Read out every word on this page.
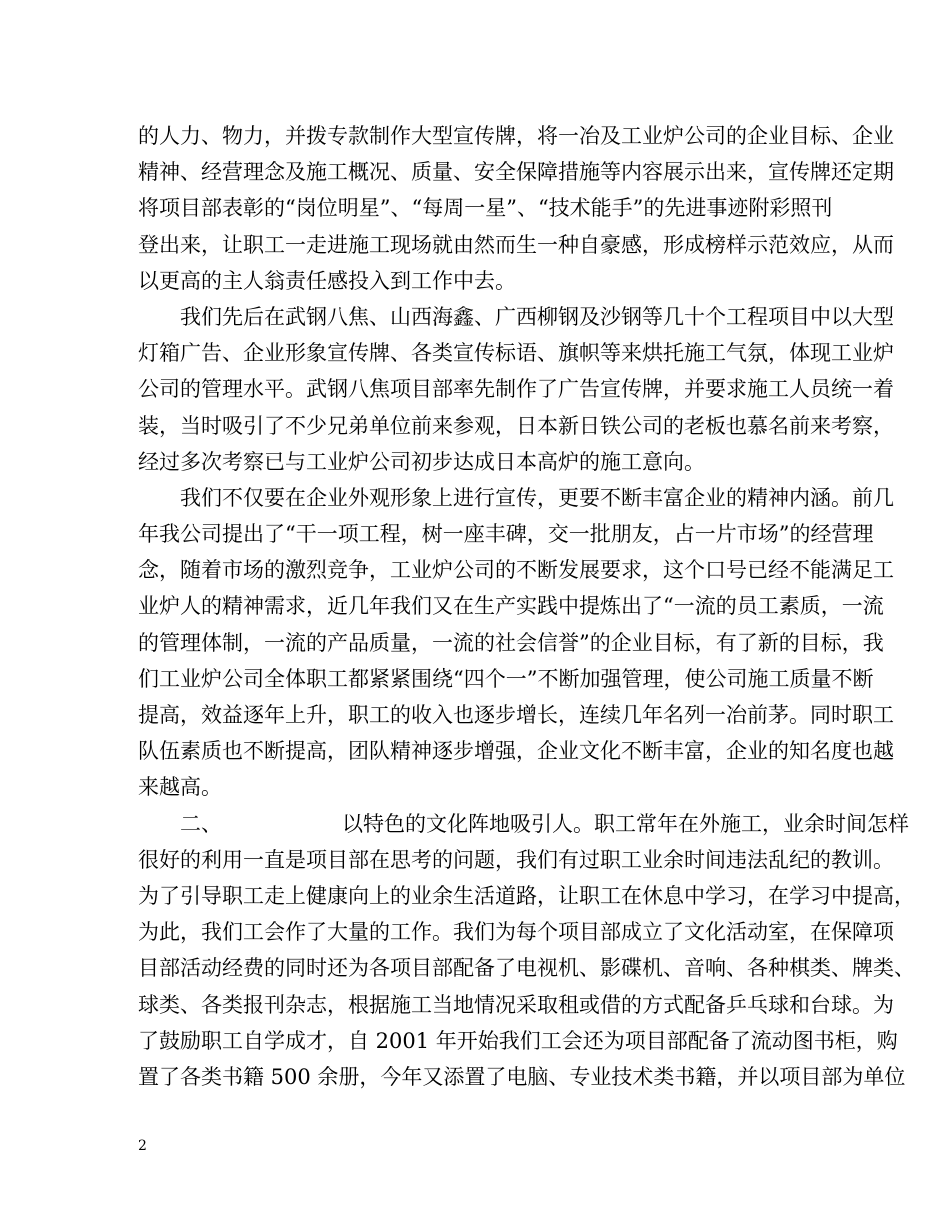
的人力、物力，并拨专款制作大型宣传牌，将一冶及工业炉公司的企业目标、企业
精神、经营理念及施工概况、质量、安全保障措施等内容展示出来，宣传牌还定期
将项目部表彰的“岗位明星”、“每周一星”、“技术能手”的先进事迹附彩照刊
登出来，让职工一走进施工现场就由然而生一种自豪感，形成榜样示范效应，从而
以更高的主人翁责任感投入到工作中去。
我们先后在武钢八焦、山西海鑫、广西柳钢及沙钢等几十个工程项目中以大型
灯箱广告、企业形象宣传牌、各类宣传标语、旗帜等来烘托施工气氛，体现工业炉
公司的管理水平。武钢八焦项目部率先制作了广告宣传牌，并要求施工人员统一着
装，当时吸引了不少兄弟单位前来参观，日本新日铁公司的老板也慕名前来考察，
经过多次考察已与工业炉公司初步达成日本高炉的施工意向。
我们不仅要在企业外观形象上进行宣传，更要不断丰富企业的精神内涵。前几
年我公司提出了“干一项工程，树一座丰碑，交一批朋友，占一片市场”的经营理
念，随着市场的激烈竞争，工业炉公司的不断发展要求，这个口号已经不能满足工
业炉人的精神需求，近几年我们又在生产实践中提炼出了“一流的员工素质，一流
的管理体制，一流的产品质量，一流的社会信誉”的企业目标，有了新的目标，我
们工业炉公司全体职工都紧紧围绕“四个一”不断加强管理，使公司施工质量不断
提高，效益逐年上升，职工的收入也逐步增长，连续几年名列一冶前茅。同时职工
队伍素质也不断提高，团队精神逐步增强，企业文化不断丰富，企业的知名度也越
来越高。
二、	以特色的文化阵地吸引人。职工常年在外施工，业余时间怎样
很好的利用一直是项目部在思考的问题，我们有过职工业余时间违法乱纪的教训。
为了引导职工走上健康向上的业余生活道路，让职工在休息中学习，在学习中提高，
为此，我们工会作了大量的工作。我们为每个项目部成立了文化活动室，在保障项
目部活动经费的同时还为各项目部配备了电视机、影碟机、音响、各种棋类、牌类、
球类、各类报刊杂志，根据施工当地情况采取租或借的方式配备乒乓球和台球。为
了鼓励职工自学成才，自 2001 年开始我们工会还为项目部配备了流动图书柜，购
置了各类书籍 500 余册，今年又添置了电脑、专业技术类书籍，并以项目部为单位
2
